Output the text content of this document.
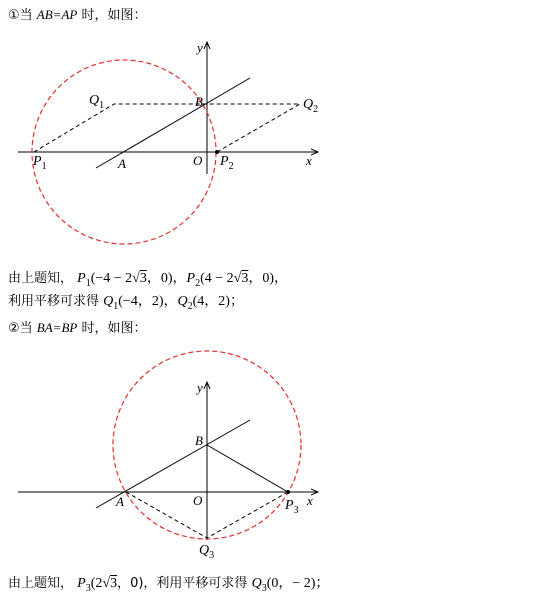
①当 AB=AP 时，如图：
y
x
O
A
B
$Q_1$	$Q_2$
$P_1$	$P_2$
由上题知， $P_1(-4 - 2$ √ 3，0)，$P_2(4 - 2$ √ 3，0)，
利用平移可求得 $Q_1(-4$，2)，$Q_2(4$，2)；
②当 BA=BP 时，如图：
y
x
O
A
B
$P_3$
$Q_3$
由上题知， $P_3(2$ √ 3，0)，利用平移可求得 $Q_3(0$，− 2)；
